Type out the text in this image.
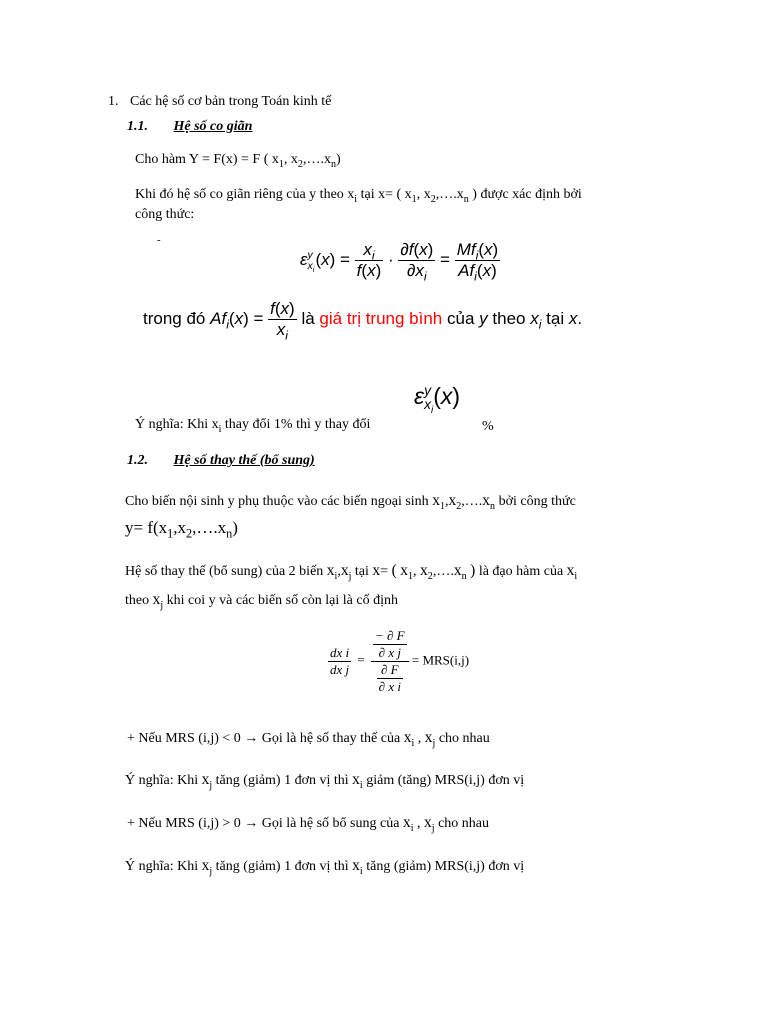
1. Các hệ số cơ bản trong Toán kinh tế
1.1. Hệ số co giãn
Cho hàm Y = F(x) = F ( $x_1$, $x_2,\dots.x_n$)
Khi đó hệ số co giãn riêng của y theo $x_i$ tại x= ( $x_1$, $x_2,\dots.x_n$ ) được xác định bởi
công thức:
-
ε y
$x_i$
$(x) = \frac{x_i}{f(x)} \cdot \frac{\partial f(x)}{\partial x_i}$ =
$Mf_i(x)$
$Af_i(x)$
trong đó $Af_i(x) = \frac{f(x)}{x_i}$ là giá trị trung bình của y theo $x_i$ tại x.
Ý nghĩa: Khi $x_i$ thay đổi 1% thì y thay đổi
ε y
$x_i$
(x)
%
1.2. Hệ số thay thế (bổ sung)
Cho biến nội sinh y phụ thuộc vào các biến ngoại $\sinh x_1,x_2,\dots.x_n$ bởi công thức
$y= f(x_1,x_2,\dots.x_n)$
Hệ số thay thế (bổ sung) của 2 biến $x_i,x_j$ tại x= ( $x_1$, $x_2,\dots.x_n$ ) là đạo hàm của $x_i$
theo $x_j$ khi coi y và các biến số còn lại là cố định
$\frac{\text{dx i}}{\text{dx j}} = \frac{\frac{- \partial F}{\text{∂ x j}}}{\frac{\partial F}{\text{∂ x i}}} = MRS(i,j)$
+ Nếu MRS (i,j) < 0 → Gọi là hệ số thay thế của $x_i$ , $x_j$ cho nhau
Ý nghĩa: Khi $x_j$ tăng (giảm) 1 đơn vị thì $x_i$ giảm (tăng) MRS(i,j) đơn vị
+ Nếu MRS (i,j) > 0 → Gọi là hệ số bổ sung của $x_i$ , $x_j$ cho nhau
Ý nghĩa: Khi $x_j$ tăng (giảm) 1 đơn vị thì $x_i$ tăng (giảm) MRS(i,j) đơn vị
